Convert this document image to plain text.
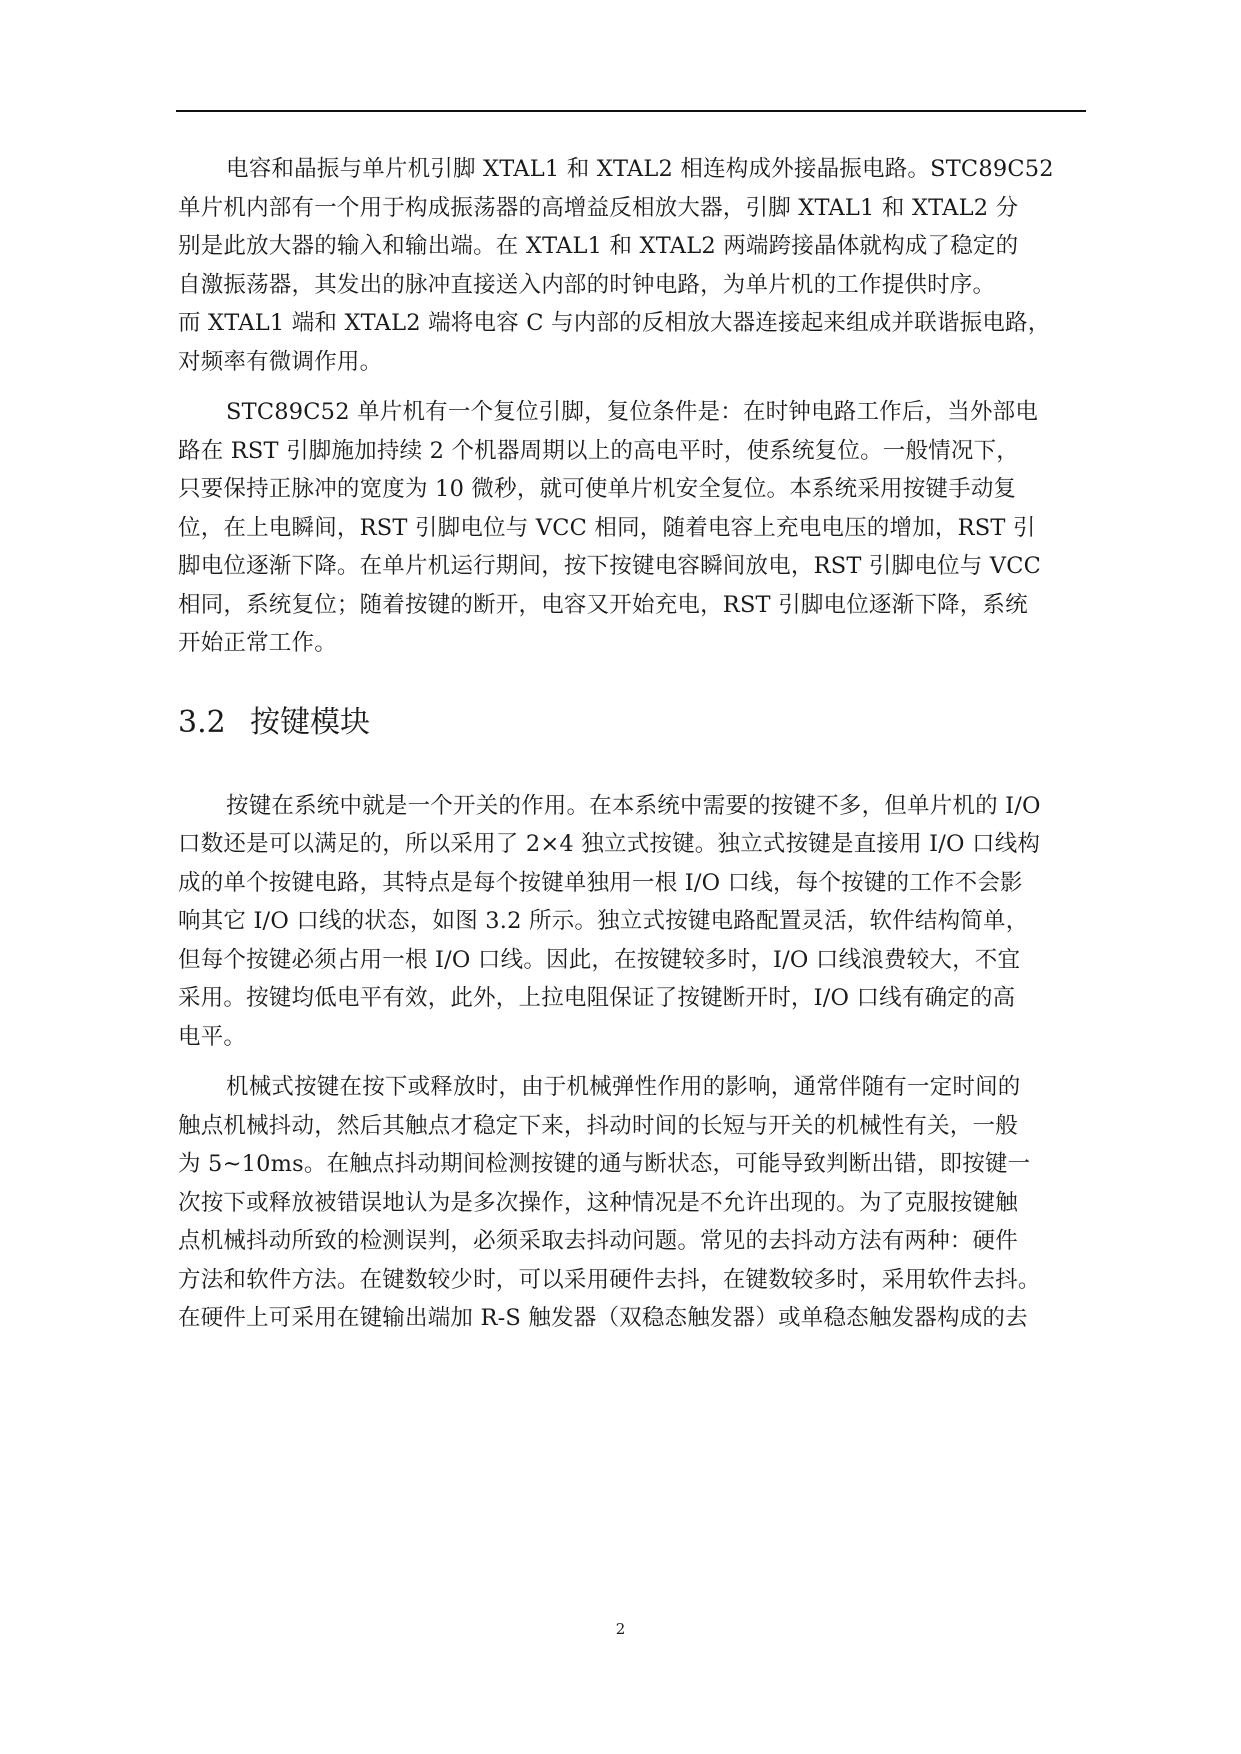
电容和晶振与单片机引脚 XTAL1 和 XTAL2 相连构成外接晶振电路。STC89C52
单片机内部有一个用于构成振荡器的高增益反相放大器，引脚 XTAL1 和 XTAL2 分
别是此放大器的输入和输出端。在 XTAL1 和 XTAL2 两端跨接晶体就构成了稳定的
自激振荡器，其发出的脉冲直接送入内部的时钟电路，为单片机的工作提供时序。
而 XTAL1 端和 XTAL2 端将电容 C 与内部的反相放大器连接起来组成并联谐振电路，
对频率有微调作用。

STC89C52 单片机有一个复位引脚，复位条件是：在时钟电路工作后，当外部电
路在 RST 引脚施加持续 2 个机器周期以上的高电平时，使系统复位。一般情况下，
只要保持正脉冲的宽度为 10 微秒，就可使单片机安全复位。本系统采用按键手动复
位，在上电瞬间，RST 引脚电位与 VCC 相同，随着电容上充电电压的增加，RST 引
脚电位逐渐下降。在单片机运行期间，按下按键电容瞬间放电，RST 引脚电位与 VCC
相同，系统复位；随着按键的断开，电容又开始充电，RST 引脚电位逐渐下降，系统
开始正常工作。

3.2 按键模块

按键在系统中就是一个开关的作用。在本系统中需要的按键不多，但单片机的 I/O
口数还是可以满足的，所以采用了 2×4 独立式按键。独立式按键是直接用 I/O 口线构
成的单个按键电路，其特点是每个按键单独用一根 I/O 口线，每个按键的工作不会影
响其它 I/O 口线的状态，如图 3.2 所示。独立式按键电路配置灵活，软件结构简单，
但每个按键必须占用一根 I/O 口线。因此，在按键较多时，I/O 口线浪费较大，不宜
采用。按键均低电平有效，此外，上拉电阻保证了按键断开时，I/O 口线有确定的高
电平。

机械式按键在按下或释放时，由于机械弹性作用的影响，通常伴随有一定时间的
触点机械抖动，然后其触点才稳定下来，抖动时间的长短与开关的机械性有关，一般
为 5~10ms。在触点抖动期间检测按键的通与断状态，可能导致判断出错，即按键一
次按下或释放被错误地认为是多次操作，这种情况是不允许出现的。为了克服按键触
点机械抖动所致的检测误判，必须采取去抖动问题。常见的去抖动方法有两种：硬件
方法和软件方法。在键数较少时，可以采用硬件去抖，在键数较多时，采用软件去抖。
在硬件上可采用在键输出端加 R-S 触发器（双稳态触发器）或单稳态触发器构成的去

2
